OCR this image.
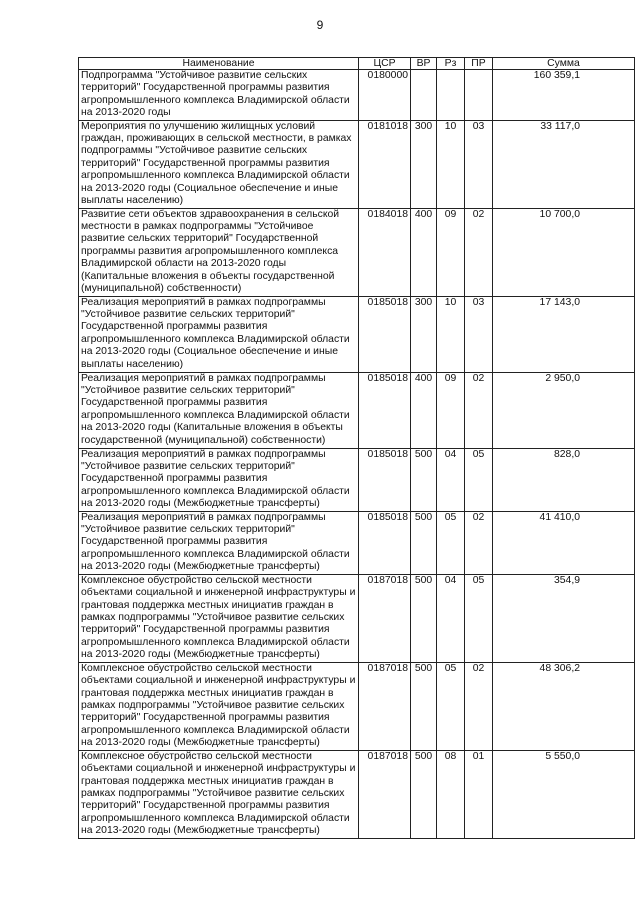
9
Наименование	ЦСР	ВР	Рз	ПР	Сумма
Подпрограмма "Устойчивое развитие сельских территорий" Государственной программы развития агропромышленного комплекса Владимирской области на 2013-2020 годы	0180000				160 359,1
Мероприятия по улучшению жилищных условий граждан, проживающих в сельской местности, в рамках подпрограммы "Устойчивое развитие сельских территорий" Государственной программы развития агропромышленного комплекса Владимирской области на 2013-2020 годы (Социальное обеспечение и иные выплаты населению)	0181018	300	10	03	33 117,0
Развитие сети объектов здравоохранения в сельской местности в рамках подпрограммы "Устойчивое развитие сельских территорий" Государственной программы развития агропромышленного комплекса Владимирской области на 2013-2020 годы (Капитальные вложения в объекты государственной (муниципальной) собственности)	0184018	400	09	02	10 700,0
Реализация мероприятий в рамках подпрограммы "Устойчивое развитие сельских территорий" Государственной программы развития агропромышленного комплекса Владимирской области на 2013-2020 годы (Социальное обеспечение и иные выплаты населению)	0185018	300	10	03	17 143,0
Реализация мероприятий в рамках подпрограммы "Устойчивое развитие сельских территорий" Государственной программы развития агропромышленного комплекса Владимирской области на 2013-2020 годы (Капитальные вложения в объекты государственной (муниципальной) собственности)	0185018	400	09	02	2 950,0
Реализация мероприятий в рамках подпрограммы "Устойчивое развитие сельских территорий" Государственной программы развития агропромышленного комплекса Владимирской области на 2013-2020 годы (Межбюджетные трансферты)	0185018	500	04	05	828,0
Реализация мероприятий в рамках подпрограммы "Устойчивое развитие сельских территорий" Государственной программы развития агропромышленного комплекса Владимирской области на 2013-2020 годы (Межбюджетные трансферты)	0185018	500	05	02	41 410,0
Комплексное обустройство сельской местности объектами социальной и инженерной инфраструктуры и грантовая поддержка местных инициатив граждан в рамках подпрограммы "Устойчивое развитие сельских территорий" Государственной программы развития агропромышленного комплекса Владимирской области на 2013-2020 годы (Межбюджетные трансферты)	0187018	500	04	05	354,9
Комплексное обустройство сельской местности объектами социальной и инженерной инфраструктуры и грантовая поддержка местных инициатив граждан в рамках подпрограммы "Устойчивое развитие сельских территорий" Государственной программы развития агропромышленного комплекса Владимирской области на 2013-2020 годы (Межбюджетные трансферты)	0187018	500	05	02	48 306,2
Комплексное обустройство сельской местности объектами социальной и инженерной инфраструктуры и грантовая поддержка местных инициатив граждан в рамках подпрограммы "Устойчивое развитие сельских территорий" Государственной программы развития агропромышленного комплекса Владимирской области на 2013-2020 годы (Межбюджетные трансферты)	0187018	500	08	01	5 550,0
